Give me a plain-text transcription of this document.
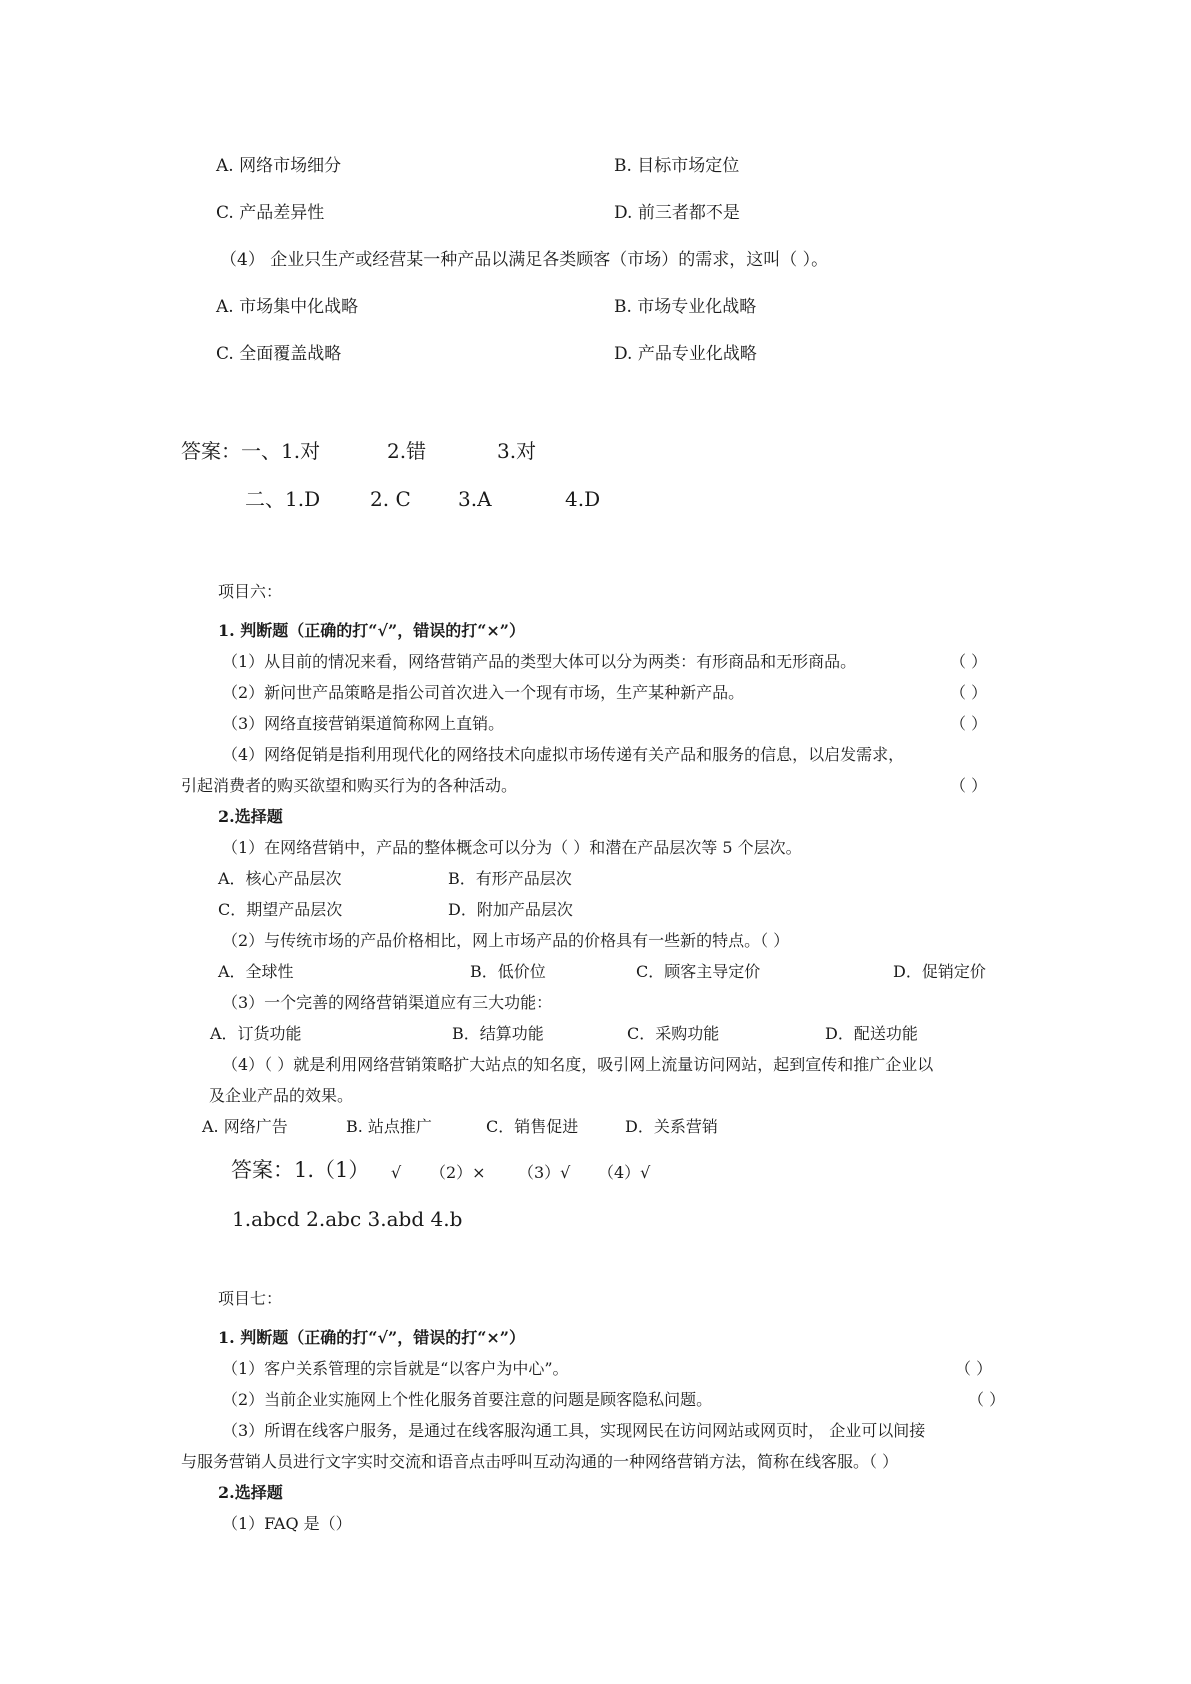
A. 网络市场细分	B. 目标市场定位
C. 产品差异性	D. 前三者都不是
（4） 企业只生产或经营某一种产品以满足各类顾客（市场）的需求，这叫（ ）。
A. 市场集中化战略	B. 市场专业化战略
C. 全面覆盖战略	D. 产品专业化战略
答案：一、1.对	2.错	3.对
二、1.D 2. C 3.A	4.D
项目六：
1. 判断题（正确的打“√”，错误的打“×”）
（1）从目前的情况来看，网络营销产品的类型大体可以分为两类：有形商品和无形商品。	（ ）
（2）新问世产品策略是指公司首次进入一个现有市场，生产某种新产品。	（ ）
（3）网络直接营销渠道简称网上直销。	（ ）
（4）网络促销是指利用现代化的网络技术向虚拟市场传递有关产品和服务的信息，以启发需求，
引起消费者的购买欲望和购买行为的各种活动。	（ ）
2.选择题
（1）在网络营销中，产品的整体概念可以分为（ ）和潜在产品层次等 5 个层次。
A．核心产品层次	B．有形产品层次
C．期望产品层次	D．附加产品层次
（2）与传统市场的产品价格相比，网上市场产品的价格具有一些新的特点。（ ）
A．全球性	B．低价位	C．顾客主导定价	D．促销定价
（3）一个完善的网络营销渠道应有三大功能：
A．订货功能	B．结算功能	C．采购功能	D．配送功能
（4）（ ）就是利用网络营销策略扩大站点的知名度，吸引网上流量访问网站，起到宣传和推广企业以
及企业产品的效果。
A. 网络广告	B. 站点推广	C．销售促进	D．关系营销
答案：1.（1） √ （2）× （3）√ （4）√
1.abcd 2.abc 3.abd 4.b
项目七：
1. 判断题（正确的打“√”，错误的打“×”）
（1）客户关系管理的宗旨就是“以客户为中心”。	（ ）
（2）当前企业实施网上个性化服务首要注意的问题是顾客隐私问题。	（ ）
（3）所谓在线客户服务，是通过在线客服沟通工具，实现网民在访问网站或网页时， 企业可以间接
与服务营销人员进行文字实时交流和语音点击呼叫互动沟通的一种网络营销方法，简称在线客服。（ ）
2.选择题
（1）FAQ 是（）
